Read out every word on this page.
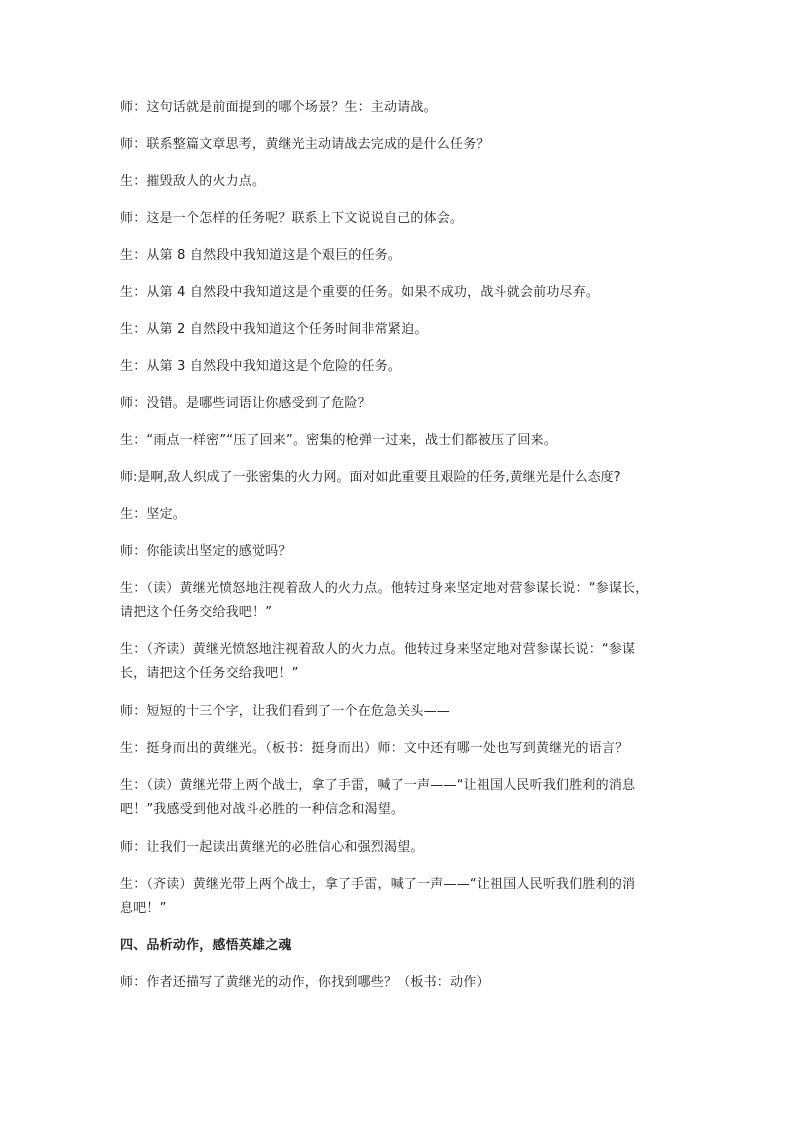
师：这句话就是前面提到的哪个场景？生：主动请战。

师：联系整篇文章思考，黄继光主动请战去完成的是什么任务？

生：摧毁敌人的火力点。

师：这是一个怎样的任务呢？联系上下文说说自己的体会。

生：从第 8 自然段中我知道这是个艰巨的任务。

生：从第 4 自然段中我知道这是个重要的任务。如果不成功，战斗就会前功尽弃。

生：从第 2 自然段中我知道这个任务时间非常紧迫。

生：从第 3 自然段中我知道这是个危险的任务。

师：没错。是哪些词语让你感受到了危险？

生：“雨点一样密”“压了回来”。密集的枪弹一过来，战士们都被压了回来。

师:是啊,敌人织成了一张密集的火力网。面对如此重要且艰险的任务,黄继光是什么态度?

生：坚定。

师：你能读出坚定的感觉吗？

生：（读）黄继光愤怒地注视着敌人的火力点。他转过身来坚定地对营参谋长说：“参谋长，
请把这个任务交给我吧！”
生：（齐读）黄继光愤怒地注视着敌人的火力点。他转过身来坚定地对营参谋长说：“参谋
长，请把这个任务交给我吧！”

师：短短的十三个字，让我们看到了一个在危急关头——

生：挺身而出的黄继光。（板书：挺身而出）师：文中还有哪一处也写到黄继光的语言？

生：（读）黄继光带上两个战士，拿了手雷，喊了一声——“让祖国人民听我们胜利的消息
吧！”我感受到他对战斗必胜的一种信念和渴望。

师：让我们一起读出黄继光的必胜信心和强烈渴望。

生：（齐读）黄继光带上两个战士，拿了手雷，喊了一声——“让祖国人民听我们胜利的消
息吧！”

四、品析动作，感悟英雄之魂

师：作者还描写了黄继光的动作，你找到哪些？（板书：动作）
